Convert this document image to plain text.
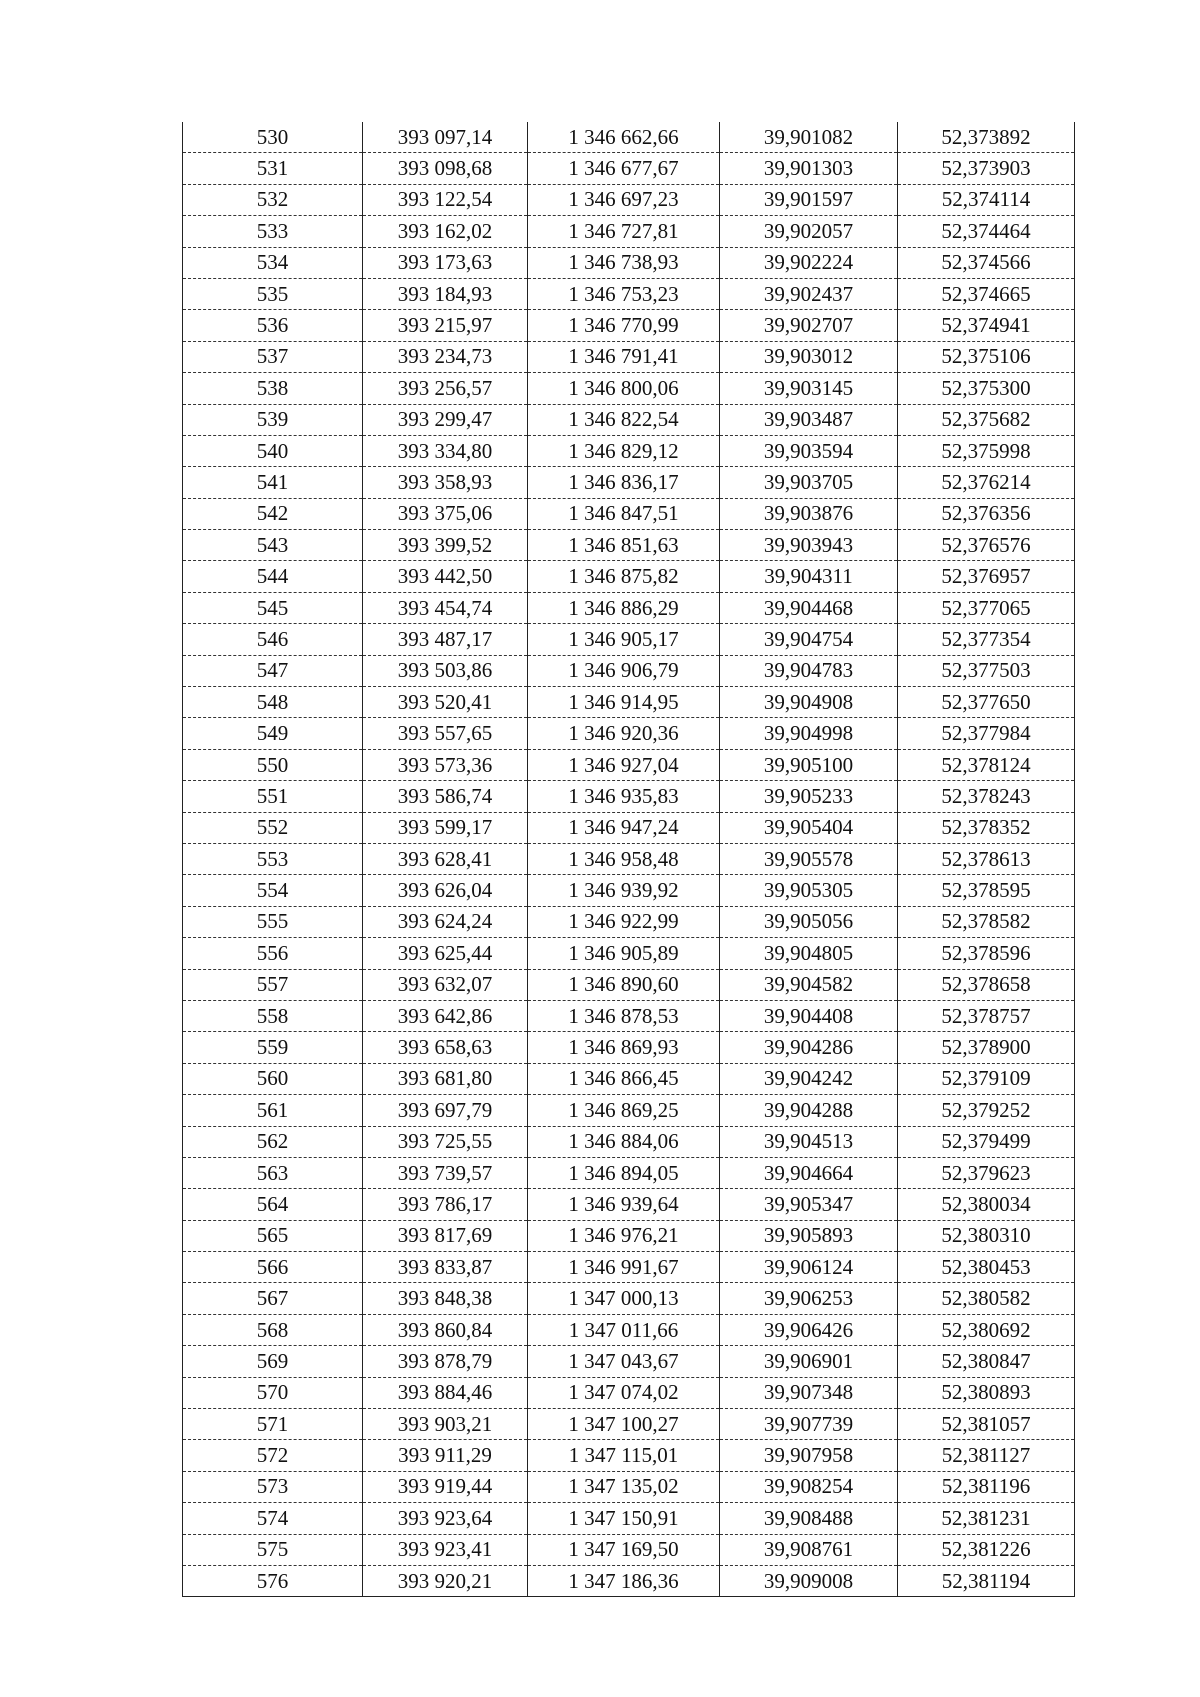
530	393 097,14	1 346 662,66	39,901082	52,373892
531	393 098,68	1 346 677,67	39,901303	52,373903
532	393 122,54	1 346 697,23	39,901597	52,374114
533	393 162,02	1 346 727,81	39,902057	52,374464
534	393 173,63	1 346 738,93	39,902224	52,374566
535	393 184,93	1 346 753,23	39,902437	52,374665
536	393 215,97	1 346 770,99	39,902707	52,374941
537	393 234,73	1 346 791,41	39,903012	52,375106
538	393 256,57	1 346 800,06	39,903145	52,375300
539	393 299,47	1 346 822,54	39,903487	52,375682
540	393 334,80	1 346 829,12	39,903594	52,375998
541	393 358,93	1 346 836,17	39,903705	52,376214
542	393 375,06	1 346 847,51	39,903876	52,376356
543	393 399,52	1 346 851,63	39,903943	52,376576
544	393 442,50	1 346 875,82	39,904311	52,376957
545	393 454,74	1 346 886,29	39,904468	52,377065
546	393 487,17	1 346 905,17	39,904754	52,377354
547	393 503,86	1 346 906,79	39,904783	52,377503
548	393 520,41	1 346 914,95	39,904908	52,377650
549	393 557,65	1 346 920,36	39,904998	52,377984
550	393 573,36	1 346 927,04	39,905100	52,378124
551	393 586,74	1 346 935,83	39,905233	52,378243
552	393 599,17	1 346 947,24	39,905404	52,378352
553	393 628,41	1 346 958,48	39,905578	52,378613
554	393 626,04	1 346 939,92	39,905305	52,378595
555	393 624,24	1 346 922,99	39,905056	52,378582
556	393 625,44	1 346 905,89	39,904805	52,378596
557	393 632,07	1 346 890,60	39,904582	52,378658
558	393 642,86	1 346 878,53	39,904408	52,378757
559	393 658,63	1 346 869,93	39,904286	52,378900
560	393 681,80	1 346 866,45	39,904242	52,379109
561	393 697,79	1 346 869,25	39,904288	52,379252
562	393 725,55	1 346 884,06	39,904513	52,379499
563	393 739,57	1 346 894,05	39,904664	52,379623
564	393 786,17	1 346 939,64	39,905347	52,380034
565	393 817,69	1 346 976,21	39,905893	52,380310
566	393 833,87	1 346 991,67	39,906124	52,380453
567	393 848,38	1 347 000,13	39,906253	52,380582
568	393 860,84	1 347 011,66	39,906426	52,380692
569	393 878,79	1 347 043,67	39,906901	52,380847
570	393 884,46	1 347 074,02	39,907348	52,380893
571	393 903,21	1 347 100,27	39,907739	52,381057
572	393 911,29	1 347 115,01	39,907958	52,381127
573	393 919,44	1 347 135,02	39,908254	52,381196
574	393 923,64	1 347 150,91	39,908488	52,381231
575	393 923,41	1 347 169,50	39,908761	52,381226
576	393 920,21	1 347 186,36	39,909008	52,381194
